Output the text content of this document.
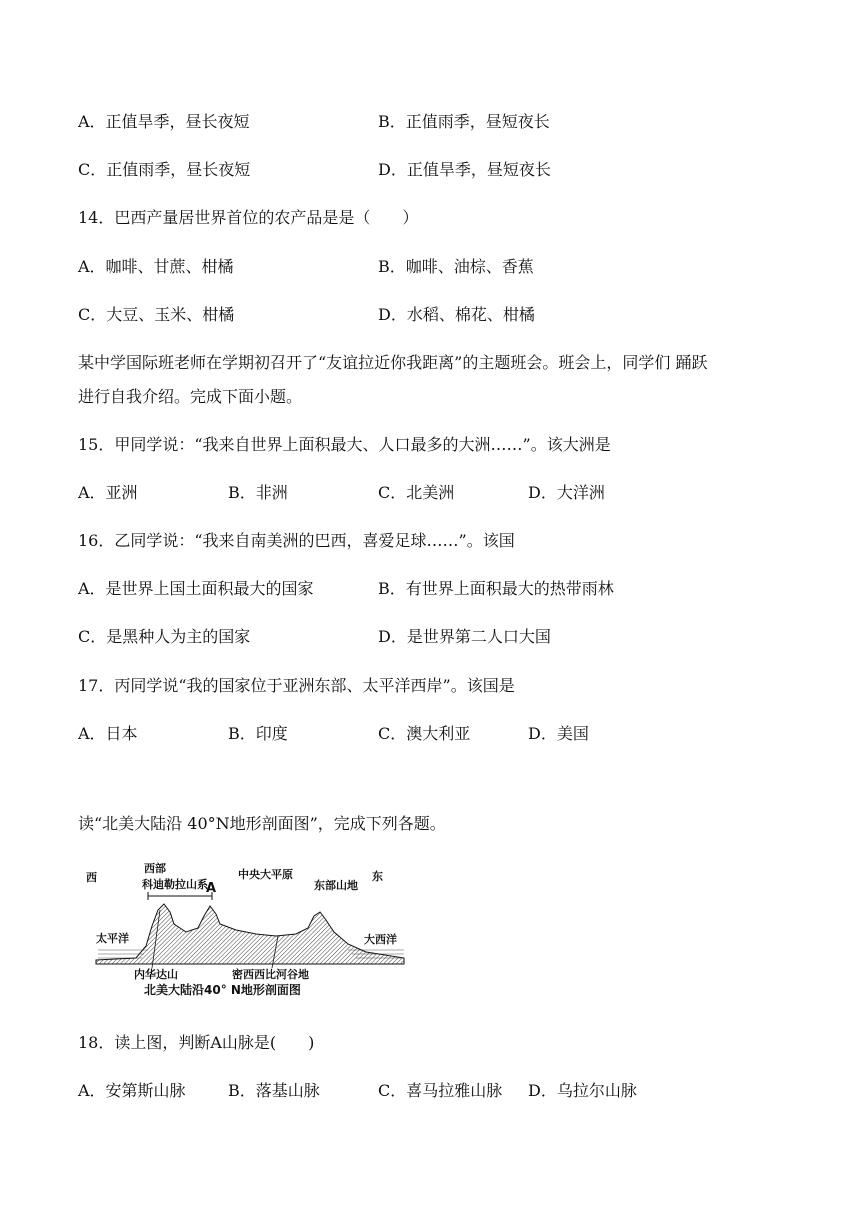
A．正值旱季，昼长夜短	B．正值雨季，昼短夜长
C．正值雨季，昼长夜短	D．正值旱季，昼短夜长
14．巴西产量居世界首位的农产品是是（　　）
A．咖啡、甘蔗、柑橘	B．咖啡、油棕、香蕉
C．大豆、玉米、柑橘	D．水稻、棉花、柑橘
某中学国际班老师在学期初召开了“友谊拉近你我距离”的主题班会。班会上，同学们 踊跃
进行自我介绍。完成下面小题。
15．甲同学说：“我来自世界上面积最大、人口最多的大洲……”。该大洲是
A．亚洲	B．非洲	C．北美洲	D．大洋洲
16．乙同学说：“我来自南美洲的巴西，喜爱足球……”。该国
A．是世界上国土面积最大的国家	B．有世界上面积最大的热带雨林
C．是黑种人为主的国家	D．是世界第二人口大国
17．丙同学说“我的国家位于亚洲东部、太平洋西岸”。该国是
A．日本	B．印度	C．澳大利亚	D．美国
读“北美大陆沿 40°N地形剖面图”，完成下列各题。
西部
科迪勒拉山系
西
A
中央大平原
东部山地
东
太平洋	大西洋
内华达山	密西西比河谷地
北美大陆沿40° N地形剖面图
18．读上图，判断A山脉是(　　)
A．安第斯山脉	B．落基山脉	C．喜马拉雅山脉 D．乌拉尔山脉
